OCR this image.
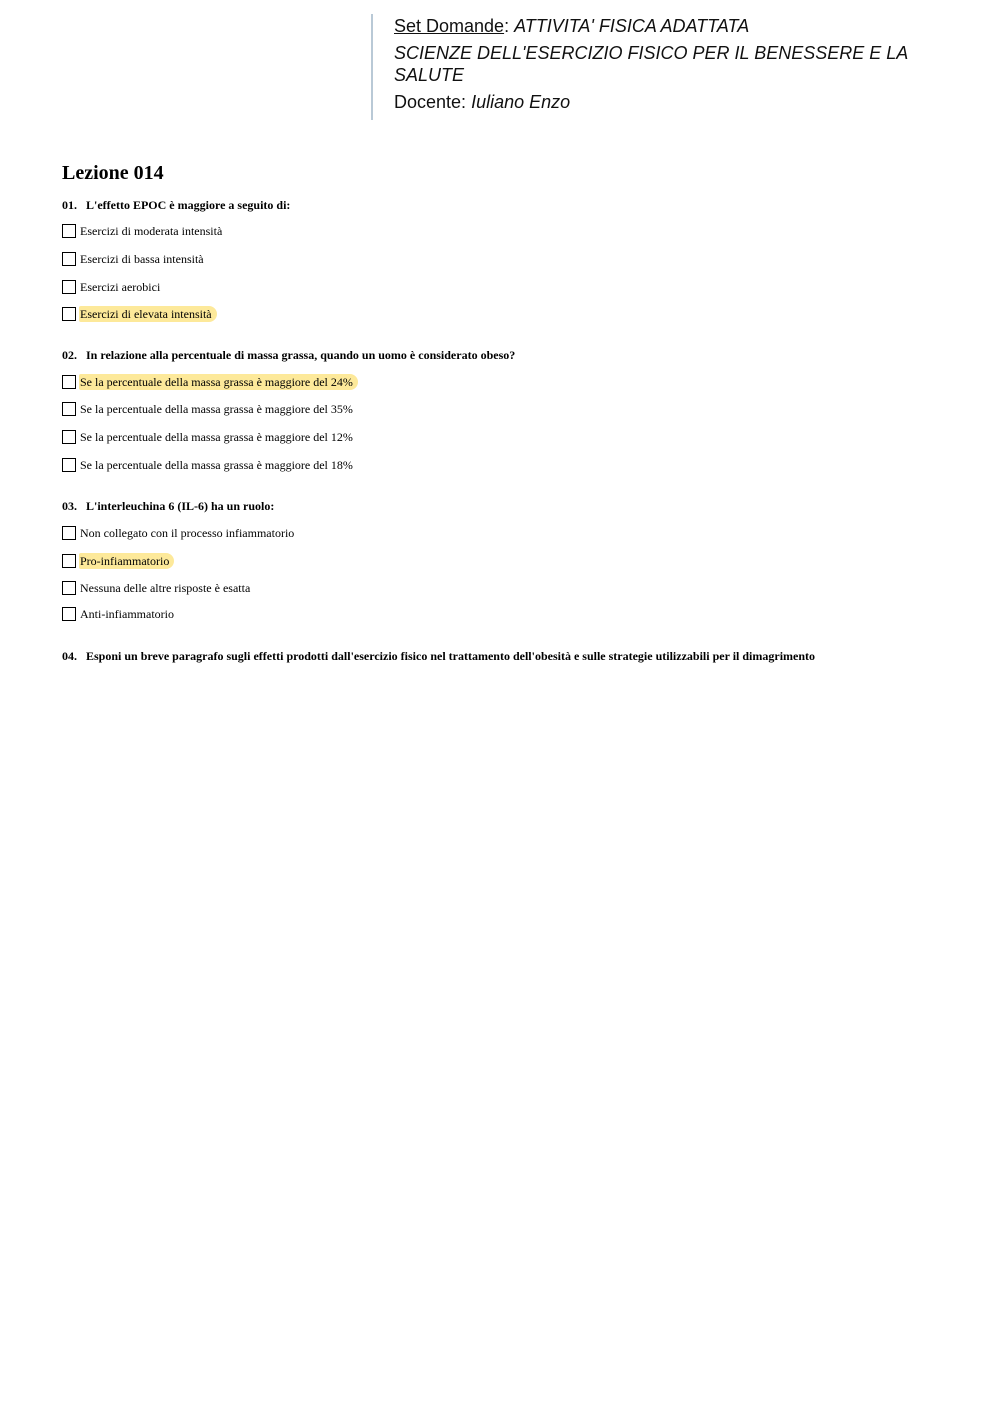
Set Domande: ATTIVITA' FISICA ADATTATA
SCIENZE DELL'ESERCIZIO FISICO PER IL BENESSERE E LA SALUTE
Docente: Iuliano Enzo
Lezione 014
01. L'effetto EPOC è maggiore a seguito di:
Esercizi di moderata intensità
Esercizi di bassa intensità
Esercizi aerobici
Esercizi di elevata intensità
02. In relazione alla percentuale di massa grassa, quando un uomo è considerato obeso?
Se la percentuale della massa grassa è maggiore del 24%
Se la percentuale della massa grassa è maggiore del 35%
Se la percentuale della massa grassa è maggiore del 12%
Se la percentuale della massa grassa è maggiore del 18%
03. L'interleuchina 6 (IL-6) ha un ruolo:
Non collegato con il processo infiammatorio
Pro-infiammatorio
Nessuna delle altre risposte è esatta
Anti-infiammatorio
04. Esponi un breve paragrafo sugli effetti prodotti dall'esercizio fisico nel trattamento dell'obesità e sulle strategie utilizzabili per il dimagrimento
